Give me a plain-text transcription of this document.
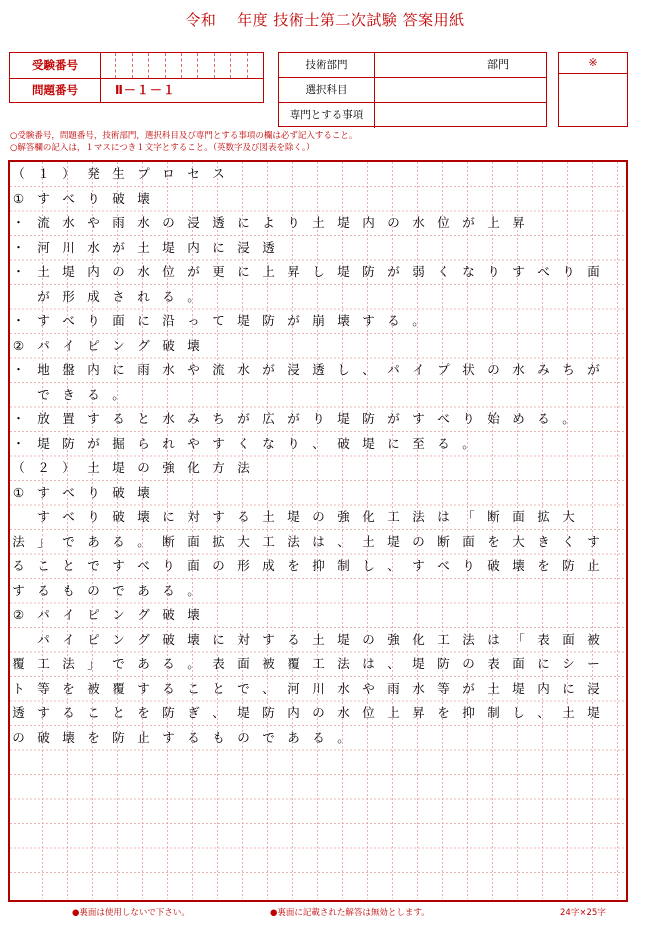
令和　 年度 技術士第二次試験 答案用紙
受験番号
問題番号	Ⅱ－１－１
技術部門	部門
選択科目
専門とする事項
※
○受験番号，問題番号，技術部門，選択科目及び専門とする事項の欄は必ず記入すること。
○解答欄の記入は，１マスにつき１文字とすること。（英数字及び図表を除く。）
（ １ ） 発 生 プ ロ セ ス
①	す べ り 破 壊
・ 流 水 や 雨 水 の 浸 透 に よ り 土 堤 内 の 水 位 が 上 昇
・ 河 川 水 が 土 堤 内 に 浸 透
・ 土 堤 内 の 水 位 が 更 に 上 昇 し 堤 防 が 弱 く な り す べ り 面
が 形 成 さ れ る 。
・ す べ り 面 に 沿 っ て 堤 防 が 崩 壊 す る 。
②	パ イ ピ ン グ 破 壊
・ 地 盤 内 に 雨 水 や 流 水 が 浸 透 し 、 パ イ プ 状 の 水 み ち が
で き る 。
・ 放 置 す る と 水 み ち が 広 が り 堤 防 が す べ り 始 め る 。
・ 堤 防 が 掘 ら れ や す く な り 、 破 堤 に 至 る 。
（ ２ ） 土 堤 の 強 化 方 法
①	す べ り 破 壊
す べ り 破 壊 に 対 す る 土 堤 の 強 化 工 法 は 「 断 面 拡 大
法 」 で あ る 。 断 面 拡 大 工 法 は 、 土 堤 の 断 面 を 大 き く す
る こ と で す べ り 面 の 形 成 を 抑 制 し 、 す べ り 破 壊 を 防 止
す る も の で あ る 。
②	パ イ ピ ン グ 破 壊
パ イ ピ ン グ 破 壊 に 対 す る 土 堤 の 強 化 工 法 は 「 表 面 被
覆 工 法 」 で あ る 。 表 面 被 覆 工 法 は 、 堤 防 の 表 面 に シ ー
ト 等 を 被 覆 す る こ と で 、 河 川 水 や 雨 水 等 が 土 堤 内 に 浸
透 す る こ と を 防 ぎ 、 堤 防 内 の 水 位 上 昇 を 抑 制 し 、 土 堤
の 破 壊 を 防 止 す る も の で あ る 。
●裏面は使用しないで下さい。	●裏面に記載された解答は無効とします。	24字×25字
